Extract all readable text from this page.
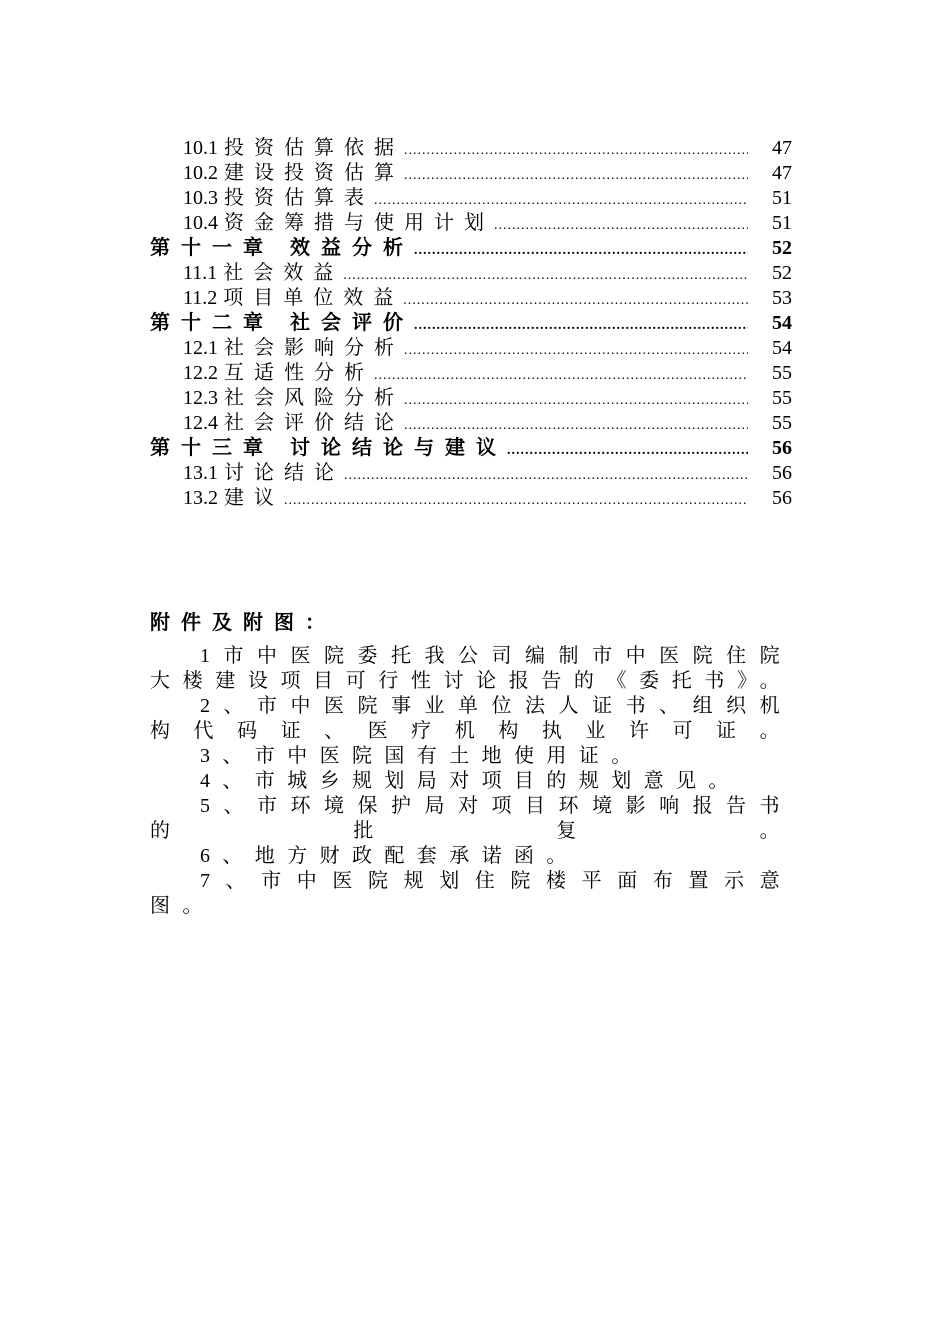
10.1 投资估算依据 .....	47
10.2 建设投资估算 .....	47
10.3 投资估算表 .....	51
10.4 资金筹措与使用计划 .....	51
第十一章 效益分析 .....	52
11.1 社会效益 .....	52
11.2 项目单位效益 .....	53
第十二章 社会评价 .....	54
12.1 社会影响分析 .....	54
12.2 互适性分析 .....	55
12.3 社会风险分析 .....	55
12.4 社会评价结论 .....	55
第十三章 讨论结论与建议 .....	56
13.1 讨论结论 .....	56
13.2 建议 .....	56
附件及附图：
1市中医院委托我公司编制市中医院住院大楼建设项目可行性讨论报告的《委托书》。
2、市中医院事业单位法人证书、组织机构代码证、医疗机构执业许可证。
3、市中医院国有土地使用证。
4、市城乡规划局对项目的规划意见。
5、市环境保护局对项目环境影响报告书的批复。
6、地方财政配套承诺函。
7、市中医院规划住院楼平面布置示意图。
